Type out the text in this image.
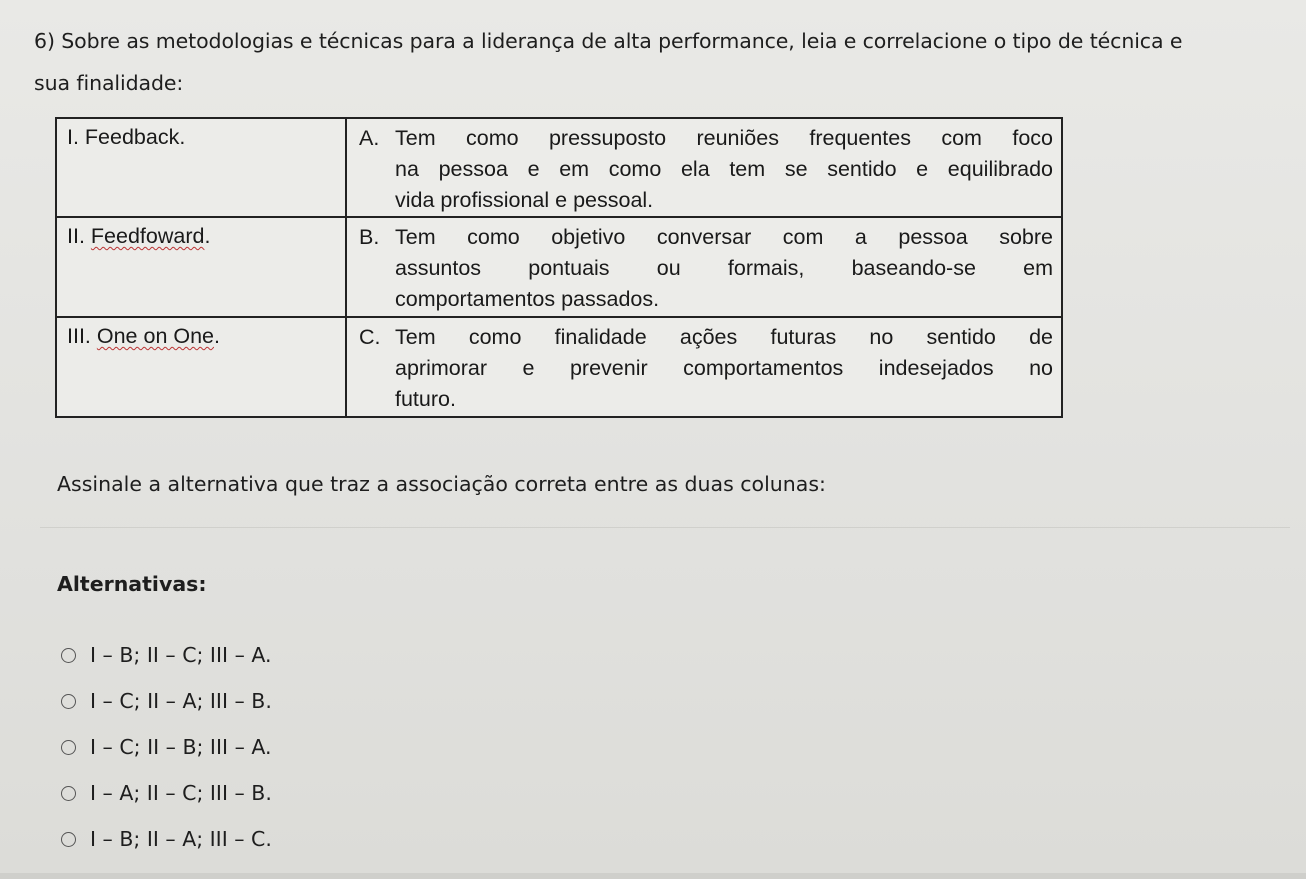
6) Sobre as metodologias e técnicas para a liderança de alta performance, leia e correlacione o tipo de técnica e
sua finalidade:
I. Feedback.	A. Tem como pressuposto reuniões frequentes com foco
na pessoa e em como ela tem se sentido e equilibrado
vida profissional e pessoal.
II. Feedfoward.	B. Tem como objetivo conversar com a pessoa sobre
assuntos pontuais ou formais, baseando-se em
comportamentos passados.
III. One on One.	C. Tem como finalidade ações futuras no sentido de
aprimorar e prevenir comportamentos indesejados no
futuro.
Assinale a alternativa que traz a associação correta entre as duas colunas:
Alternativas:
I – B; II – C; III – A.
I – C; II – A; III – B.
I – C; II – B; III – A.
I – A; II – C; III – B.
I – B; II – A; III – C.
